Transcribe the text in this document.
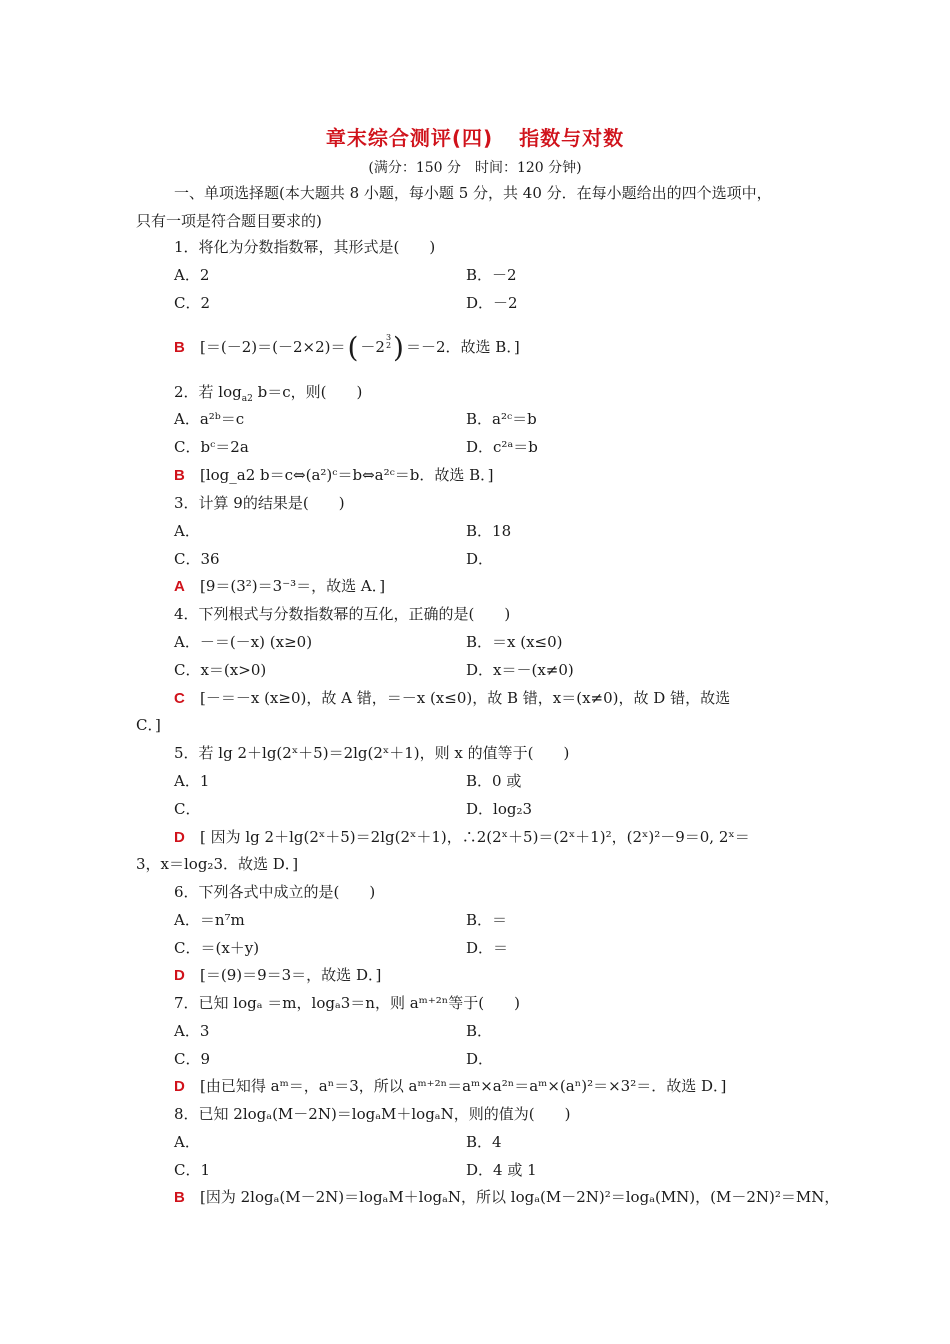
章末综合测评(四) 指数与对数
(满分：150 分　时间：120 分钟)
一、单项选择题(本大题共 8 小题，每小题 5 分，共 40 分．在每小题给出的四个选项中，
只有一项是符合题目要求的)
1．将化为分数指数幂，其形式是(　　)
A．2	B．－2
C．2	D．－2
B [＝(－2)＝(－2×2)＝( －2
3
2 ) ＝－2．故选 B．]
2．若 $\log_{a2} b=c$，则(　　)
A．a²ᵇ＝c	B．a²ᶜ＝b
C．bᶜ＝2a	D．c²ᵃ＝b
B [log_a2 b＝c⇔(a²)ᶜ＝b⇔a²ᶜ＝b．故选 B．]
3．计算 9的结果是(　　)
A．	B．18
C．36	D．
A [9＝(3²)＝3⁻³＝，故选 A．]
4．下列根式与分数指数幂的互化，正确的是(　　)
A．－＝(－x) (x≥0)	B．＝x (x≤0)
C．x＝(x>0)	D．x＝－(x≠0)
C [－＝－x (x≥0)，故 A 错，＝－x (x≤0)，故 B 错，x＝(x≠0)，故 D 错，故选
C．]
5．若 lg 2＋lg(2ˣ＋5)＝2lg(2ˣ＋1)，则 x 的值等于(　　)
A．1	B．0 或
C．	D．log₂3
D [ 因为 lg 2＋lg(2ˣ＋5)＝2lg(2ˣ＋1)，∴2(2ˣ＋5)＝(2ˣ＋1)²，(2ˣ)²－9＝0, 2ˣ＝
3，x＝log₂3．故选 D．]
6．下列各式中成立的是(　　)
A．＝n⁷m	B．＝
C．＝(x＋y)	D．＝
D [＝(9)＝9＝3＝，故选 D．]
7．已知 logₐ ＝m，logₐ3＝n，则 aᵐ⁺²ⁿ等于(　　)
A．3	B．
C．9	D．
D [由已知得 aᵐ＝，aⁿ＝3，所以 aᵐ⁺²ⁿ＝aᵐ×a²ⁿ＝aᵐ×(aⁿ)²＝×3²＝．故选 D．]
8．已知 2logₐ(M－2N)＝logₐM＋logₐN，则的值为(　　)
A．	B．4
C．1	D．4 或 1
B [因为 2logₐ(M－2N)＝logₐM＋logₐN，所以 logₐ(M－2N)²＝logₐ(MN)，(M－2N)²＝MN，
